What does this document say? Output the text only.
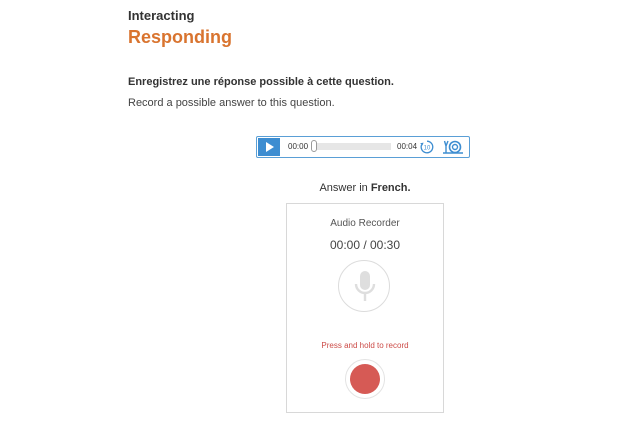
Interacting
Responding
Enregistrez une réponse possible à cette question.
Record a possible answer to this question.
00:00	00:04 10
Answer in French.
Audio Recorder
00:00 / 00:30
Press and hold to record
